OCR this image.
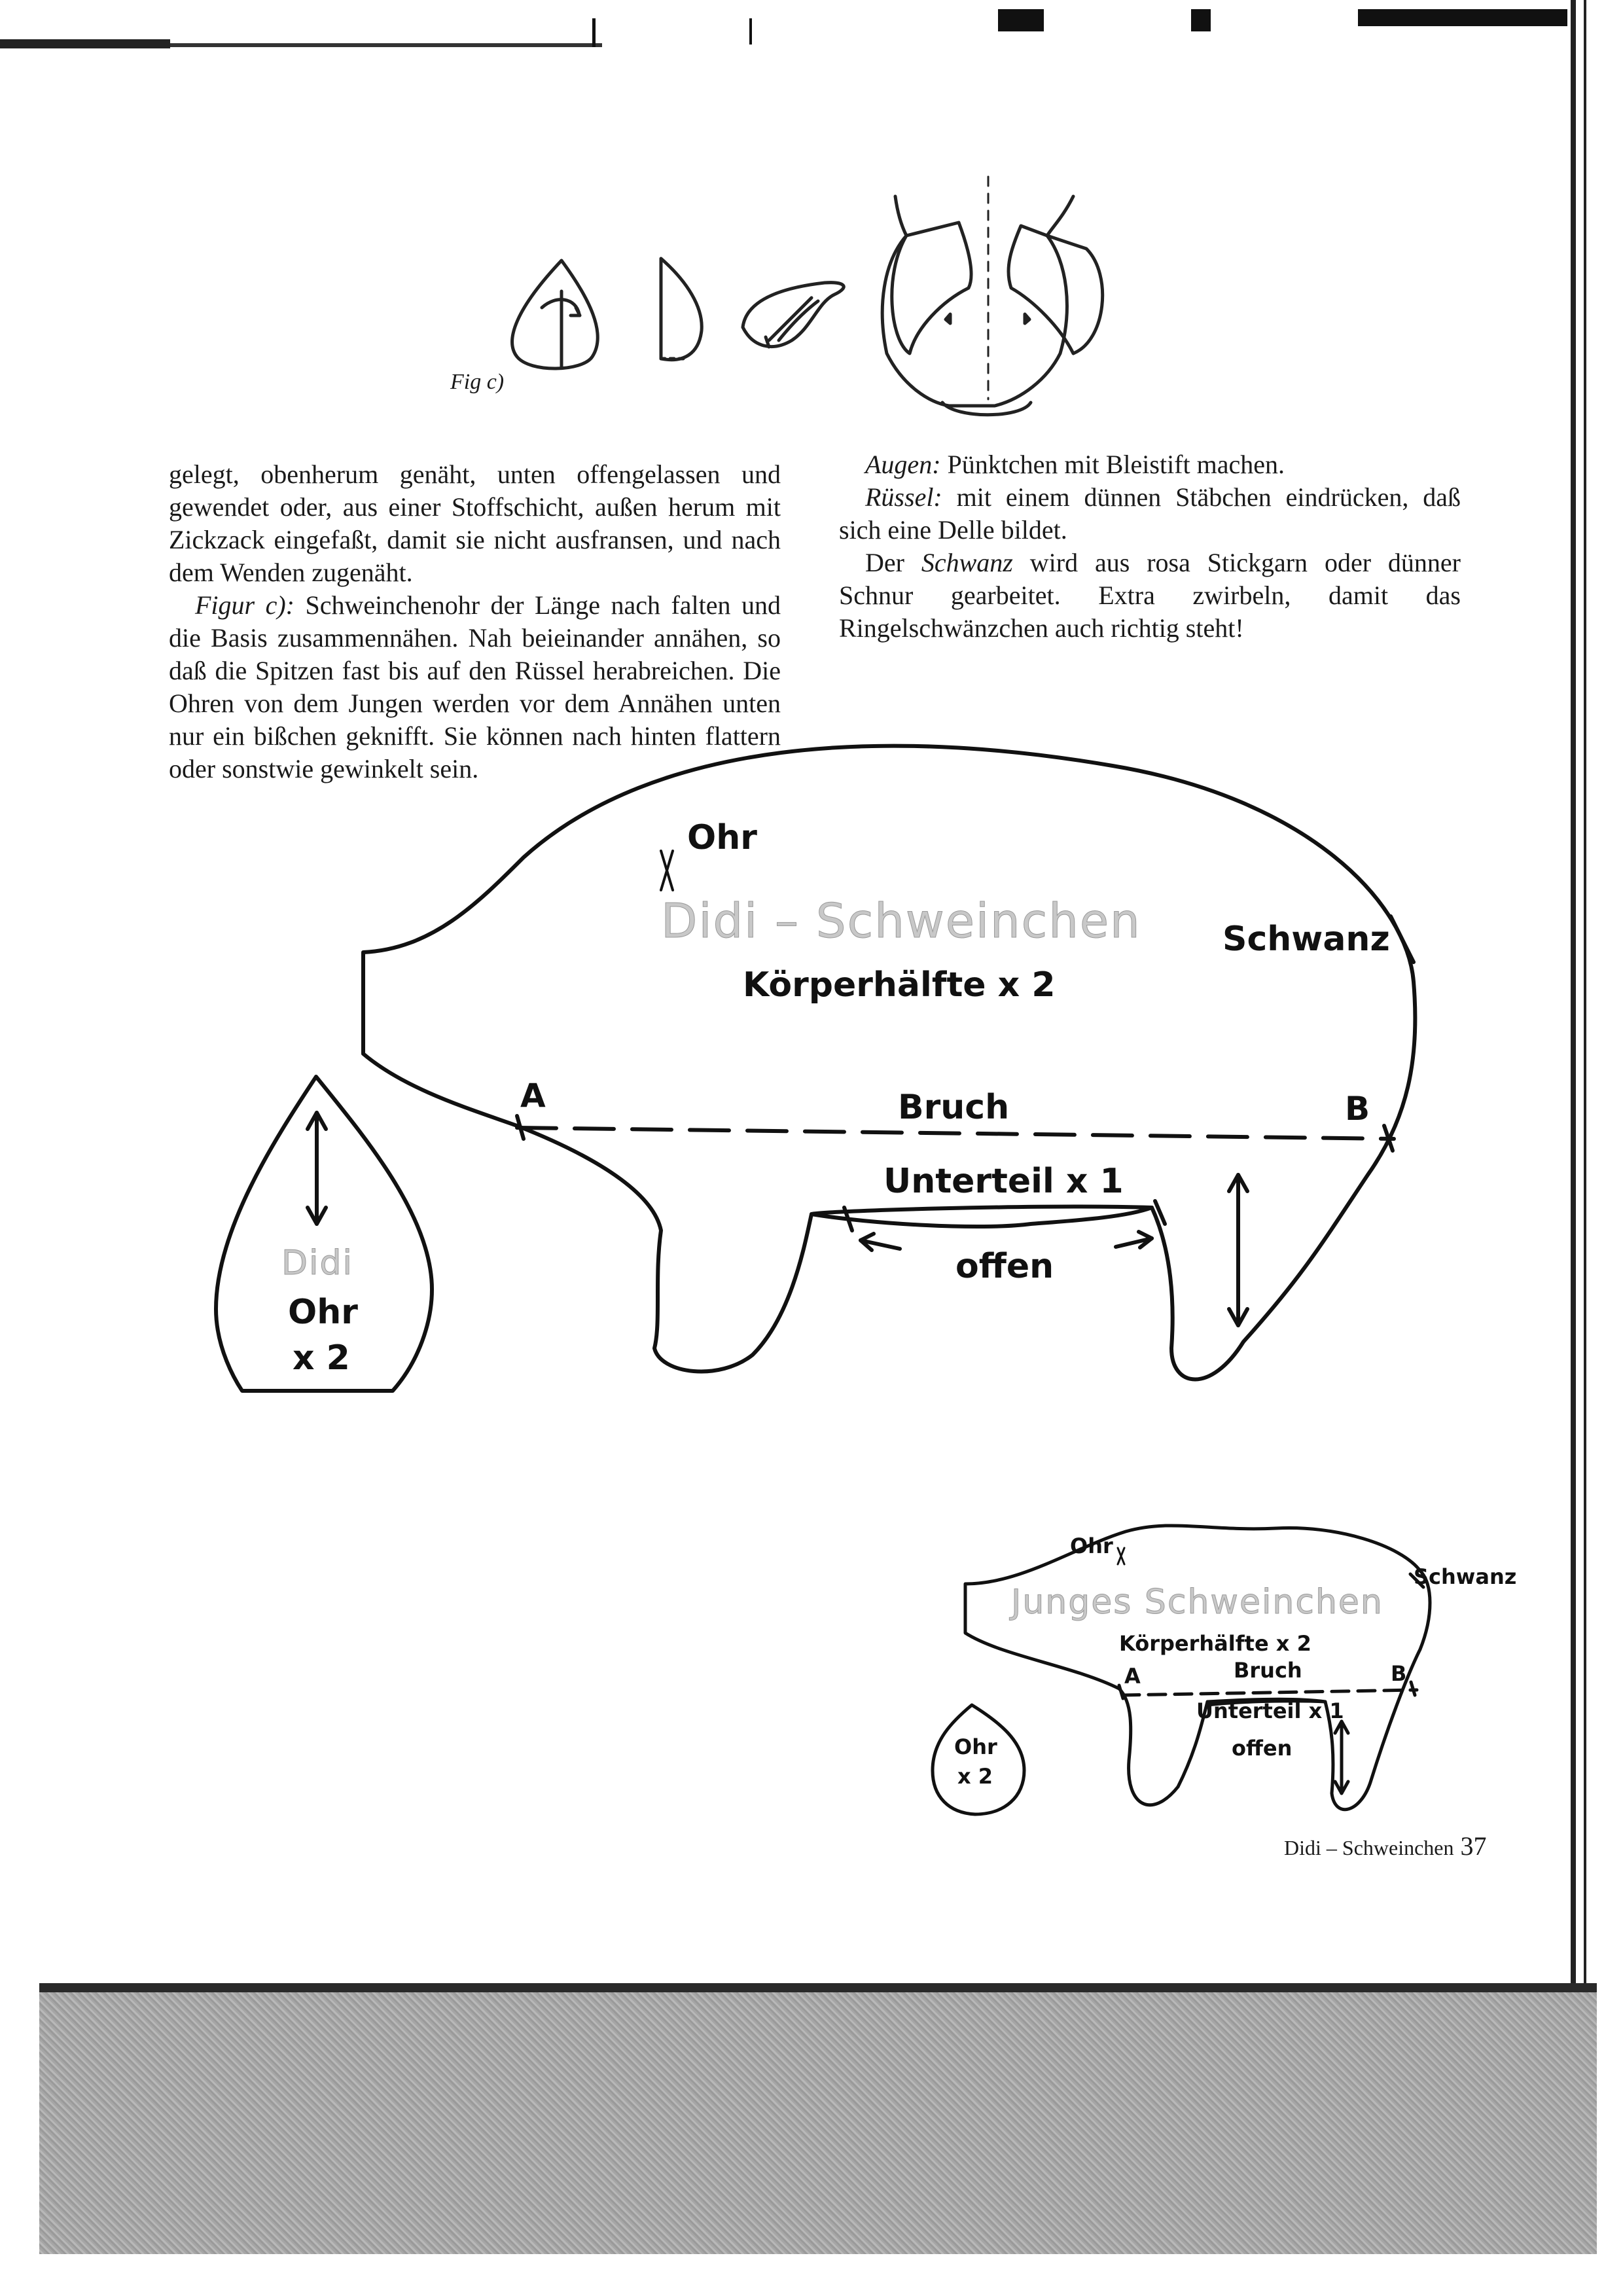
Fig c)

gelegt, obenherum genäht, unten offengelassen und gewendet oder, aus einer Stoffschicht, außen herum mit Zickzack eingefaßt, damit sie nicht ausfransen, und nach dem Wenden zugenäht.

Figur c): Schweinchenohr der Länge nach falten und die Basis zusammennähen. Nah beieinander annähen, so daß die Spitzen fast bis auf den Rüssel herabreichen. Die Ohren von dem Jungen werden vor dem Annähen unten nur ein bißchen geknifft. Sie können nach hinten flattern oder sonstwie gewinkelt sein.

Augen: Pünktchen mit Bleistift machen.

Rüssel: mit einem dünnen Stäbchen eindrücken, daß sich eine Delle bildet.

Der Schwanz wird aus rosa Stickgarn oder dünner Schnur gearbeitet. Extra zwirbeln, damit das Ringelschwänzchen auch richtig steht!

Ohr
Didi – Schweinchen
Körperhälfte x 2
Schwanz
A	B
Bruch
Unterteil x 1
offen
Didi
Ohr
x 2
Ohr
Junges Schweinchen
Körperhälfte x 2
Schwanz
A	B
Bruch
Unterteil x 1
offen
Ohr
x 2
Didi – Schweinchen 37
